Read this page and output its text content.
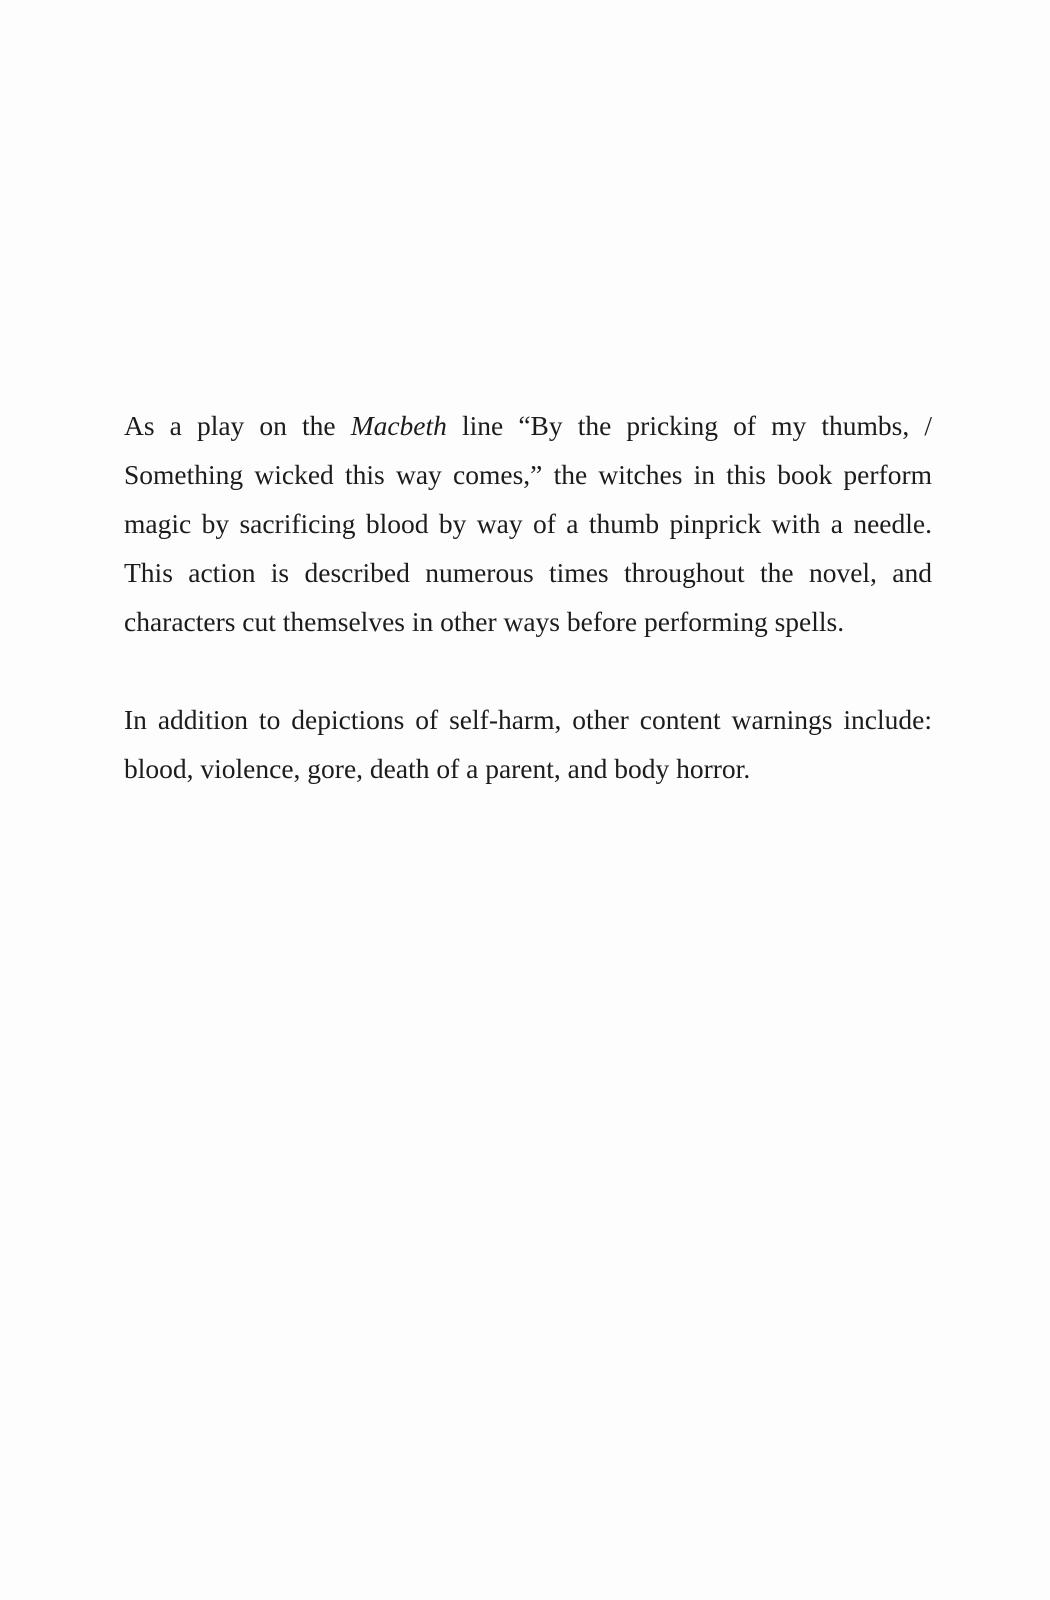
As a play on the Macbeth line “By the pricking of my thumbs, / Something wicked this way comes,” the witches in this book perform magic by sacrificing blood by way of a thumb pinprick with a needle. This action is described numerous times throughout the novel, and characters cut themselves in other ways before performing spells.

In addition to depictions of self-harm, other content warnings include: blood, violence, gore, death of a parent, and body horror.
